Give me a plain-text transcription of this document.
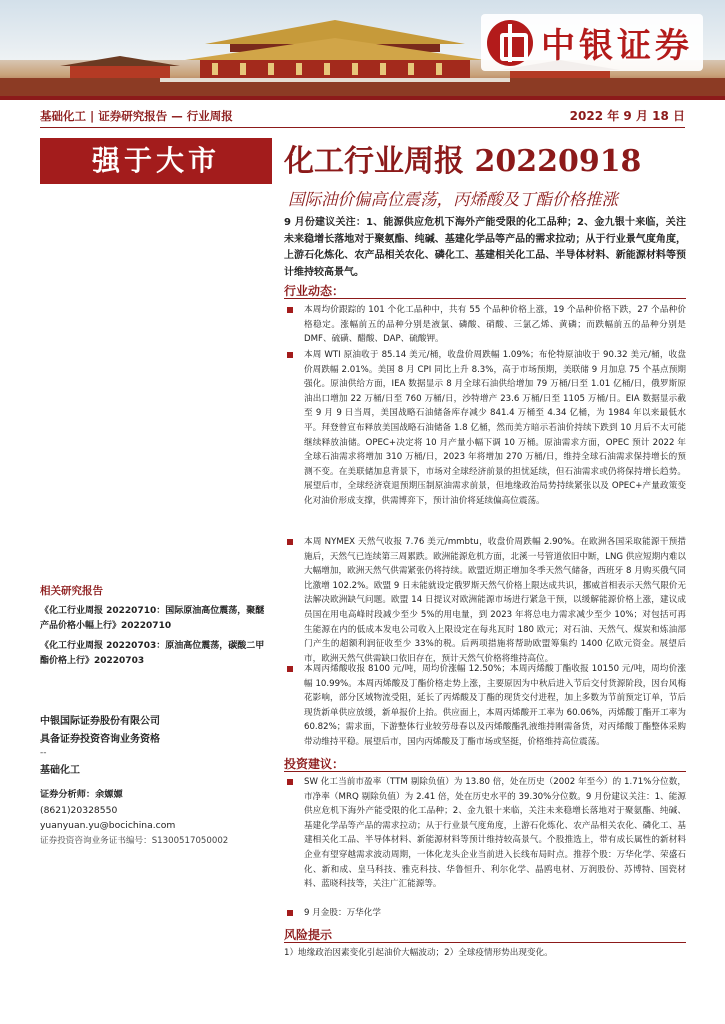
中银证券
基础化工 | 证券研究报告 — 行业周报	2022 年 9 月 18 日
强于大市	化工行业周报 20220918
国际油价偏高位震荡，丙烯酸及丁酯价格推涨
9 月份建议关注：1、能源供应危机下海外产能受限的化工品种；2、金九银十来临，关注未来稳增长落地对于聚氨酯、纯碱、基建化学品等产品的需求拉动；从于行业景气度角度，上游石化炼化、农产品相关农化、磷化工、基建相关化工品、半导体材料、新能源材料等预计维持较高景气。
行业动态：
本周均价跟踪的 101 个化工品种中，共有 55 个品种价格上涨，19 个品种价格下跌，27 个品种价格稳定。涨幅前五的品种分别是液氯、磷酸、硝酸、三氯乙烯、黄磷；而跌幅前五的品种分别是 DMF、硫磺、醋酸、DAP、硫酸钾。
本周 WTI 原油收于 85.14 美元/桶，收盘价周跌幅 1.09%；布伦特原油收于 90.32 美元/桶，收盘价周跌幅 2.01%。美国 8 月 CPI 同比上升 8.3%，高于市场预期，美联储 9 月加息 75 个基点预期强化。原油供给方面，IEA 数据显示 8 月全球石油供给增加 79 万桶/日至 1.01 亿桶/日，俄罗斯原油出口增加 22 万桶/日至 760 万桶/日，沙特增产 23.6 万桶/日至 1105 万桶/日。EIA 数据显示截至 9 月 9 日当周，美国战略石油储备库存减少 841.4 万桶至 4.34 亿桶，为 1984 年以来最低水平。拜登曾宣布释放美国战略石油储备 1.8 亿桶，然而美方暗示若油价持续下跌到 10 月后不太可能继续释放油储。OPEC+决定将 10 月产量小幅下调 10 万桶。原油需求方面，OPEC 预计 2022 年全球石油需求将增加 310 万桶/日，2023 年将增加 270 万桶/日，维持全球石油需求保持增长的预测不变。在美联储加息背景下，市场对全球经济前景的担忧延续，但石油需求或仍将保持增长趋势。展望后市，全球经济衰退预期压制原油需求前景，但地缘政治局势持续紧张以及 OPEC+产量政策变化对油价形成支撑，供需博弈下，预计油价将延续偏高位震荡。
本周 NYMEX 天然气收报 7.76 美元/mmbtu，收盘价周跌幅 2.90%。在欧洲各国采取能源干预措施后，天然气已连续第三周累跌。欧洲能源危机方面，北溪一号管道依旧中断，LNG 供应短期内难以大幅增加，欧洲天然气供需紧张仍将持续。欧盟近期正增加冬季天然气储备，西班牙 8 月购买俄气同比激增 102.2%。欧盟 9 日未能就设定俄罗斯天然气价格上限达成共识，挪威首相表示天然气限价无法解决欧洲缺气问题。欧盟 14 日提议对欧洲能源市场进行紧急干预，以缓解能源价格上涨，建议成员国在用电高峰时段减少至少 5%的用电量，到 2023 年将总电力需求减少至少 10%；对包括可再生能源在内的低成本发电公司收入上限设定在每兆瓦时 180 欧元；对石油、天然气、煤炭和炼油部门产生的超额利润征收至少 33%的税。后两项措施将帮助欧盟筹集约 1400 亿欧元资金。展望后市，欧洲天然气供需缺口依旧存在，预计天然气价格将维持高位。
本周丙烯酸收报 8100 元/吨，周均价涨幅 12.50%；本周丙烯酸丁酯收报 10150 元/吨，周均价涨幅 10.99%。本周丙烯酸及丁酯价格走势上涨，主要原因为中秋后进入节后交付货源阶段，因台风梅花影响，部分区域物流受阻，延长了丙烯酸及丁酯的现货交付进程，加上多数为节前预定订单，节后现货新单供应放缓，新单报价上抬。供应面上，本周丙烯酸开工率为 60.06%，丙烯酸丁酯开工率为 60.82%；需求面，下游整体行业较劳母春以及丙烯酸酯乳液维持刚需备货，对丙烯酸丁酯整体采购带动维持平稳。展望后市，国内丙烯酸及丁酯市场或坚挺，价格维持高位震荡。
投资建议：
SW 化工当前市盈率（TTM 剔除负值）为 13.80 倍，处在历史（2002 年至今）的 1.71%分位数，市净率（MRQ 剔除负值）为 2.41 倍，处在历史水平的 39.30%分位数。9 月份建议关注：1、能源供应危机下海外产能受限的化工品种；2、金九银十来临，关注未来稳增长落地对于聚氨酯、纯碱、基建化学品等产品的需求拉动；从于行业景气度角度，上游石化炼化、农产品相关农化、磷化工、基建相关化工品、半导体材料、新能源材料等预计维持较高景气。个股推选上，带有成长属性的新材料企业有望穿越需求波动周期，一体化龙头企业当前进入长线布局时点。推荐个股：万华化学、荣盛石化、新和成、皇马科技、雅克科技、华鲁恒升、利尔化学、晶鸥电材、万润股份、苏博特、国瓷材料、蓝晓科技等，关注广汇能源等。
9 月金股：万华化学
风险提示
1）地缘政治因素变化引起油价大幅波动；2）全球疫情形势出现变化。
相关研究报告
《化工行业周报 20220710：国际原油高位震荡，聚醚产品价格小幅上行》20220710
《化工行业周报 20220703：原油高位震荡，碳酸二甲酯价格上行》20220703
中银国际证券股份有限公司
具备证券投资咨询业务资格
--
基础化工
证券分析师：余嫄嫄
(8621)20328550
yuanyuan.yu@bocichina.com
证券投资咨询业务证书编号：S1300517050002
